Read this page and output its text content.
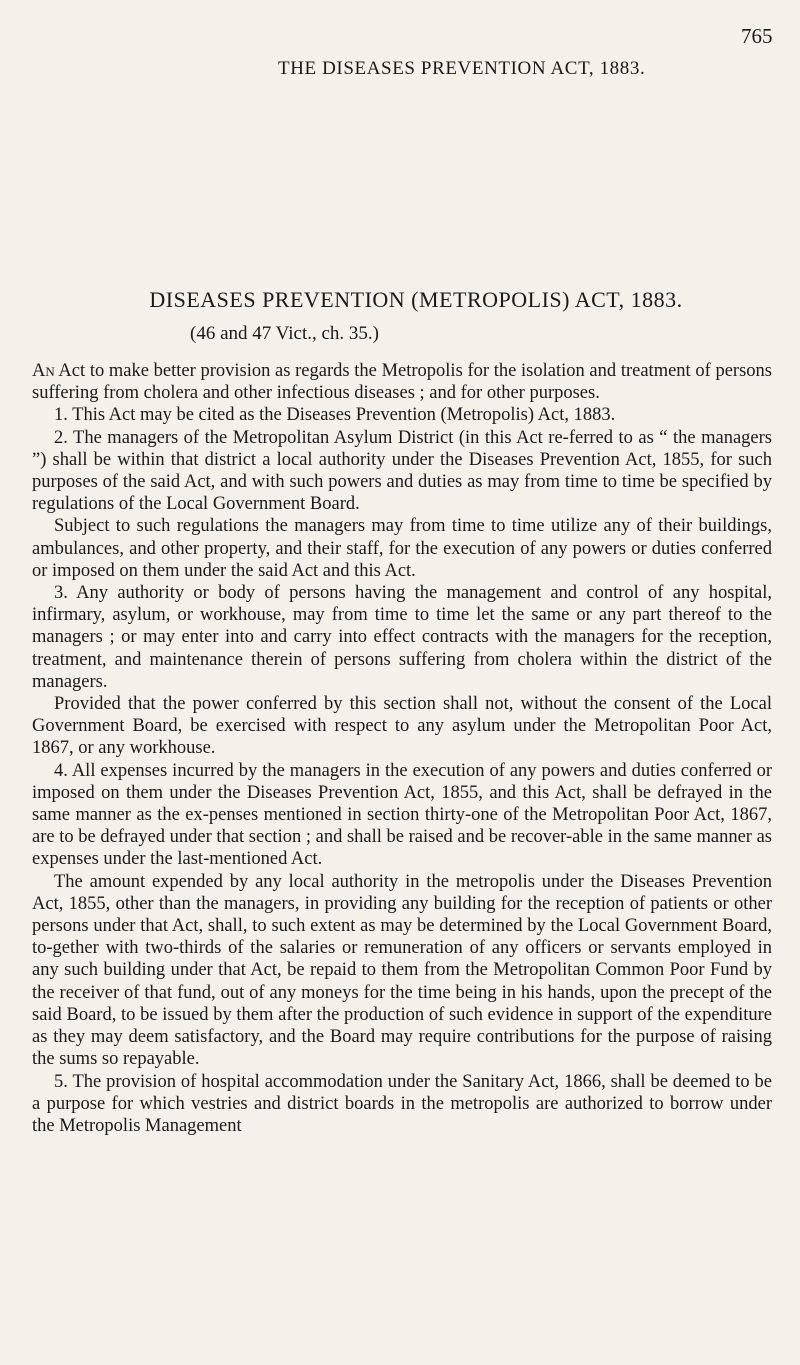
THE DISEASES PREVENTION ACT, 1883.
765
DISEASES PREVENTION (METROPOLIS) ACT, 1883.
(46 and 47 Vict., ch. 35.)

An Act to make better provision as regards the Metropolis for the isolation and treatment of persons suffering from cholera and other infectious diseases ; and for other purposes.

1. This Act may be cited as the Diseases Prevention (Metropolis) Act, 1883.

2. The managers of the Metropolitan Asylum District (in this Act re-ferred to as “ the managers ”) shall be within that district a local authority under the Diseases Prevention Act, 1855, for such purposes of the said Act, and with such powers and duties as may from time to time be specified by regulations of the Local Government Board.

Subject to such regulations the managers may from time to time utilize any of their buildings, ambulances, and other property, and their staff, for the execution of any powers or duties conferred or imposed on them under the said Act and this Act.

3. Any authority or body of persons having the management and control of any hospital, infirmary, asylum, or workhouse, may from time to time let the same or any part thereof to the managers ; or may enter into and carry into effect contracts with the managers for the reception, treatment, and maintenance therein of persons suffering from cholera within the district of the managers.

Provided that the power conferred by this section shall not, without the consent of the Local Government Board, be exercised with respect to any asylum under the Metropolitan Poor Act, 1867, or any workhouse.

4. All expenses incurred by the managers in the execution of any powers and duties conferred or imposed on them under the Diseases Prevention Act, 1855, and this Act, shall be defrayed in the same manner as the ex-penses mentioned in section thirty-one of the Metropolitan Poor Act, 1867, are to be defrayed under that section ; and shall be raised and be recover-able in the same manner as expenses under the last-mentioned Act.

The amount expended by any local authority in the metropolis under the Diseases Prevention Act, 1855, other than the managers, in providing any building for the reception of patients or other persons under that Act, shall, to such extent as may be determined by the Local Government Board, to-gether with two-thirds of the salaries or remuneration of any officers or servants employed in any such building under that Act, be repaid to them from the Metropolitan Common Poor Fund by the receiver of that fund, out of any moneys for the time being in his hands, upon the precept of the said Board, to be issued by them after the production of such evidence in support of the expenditure as they may deem satisfactory, and the Board may require contributions for the purpose of raising the sums so repayable.

5. The provision of hospital accommodation under the Sanitary Act, 1866, shall be deemed to be a purpose for which vestries and district boards in the metropolis are authorized to borrow under the Metropolis Management
